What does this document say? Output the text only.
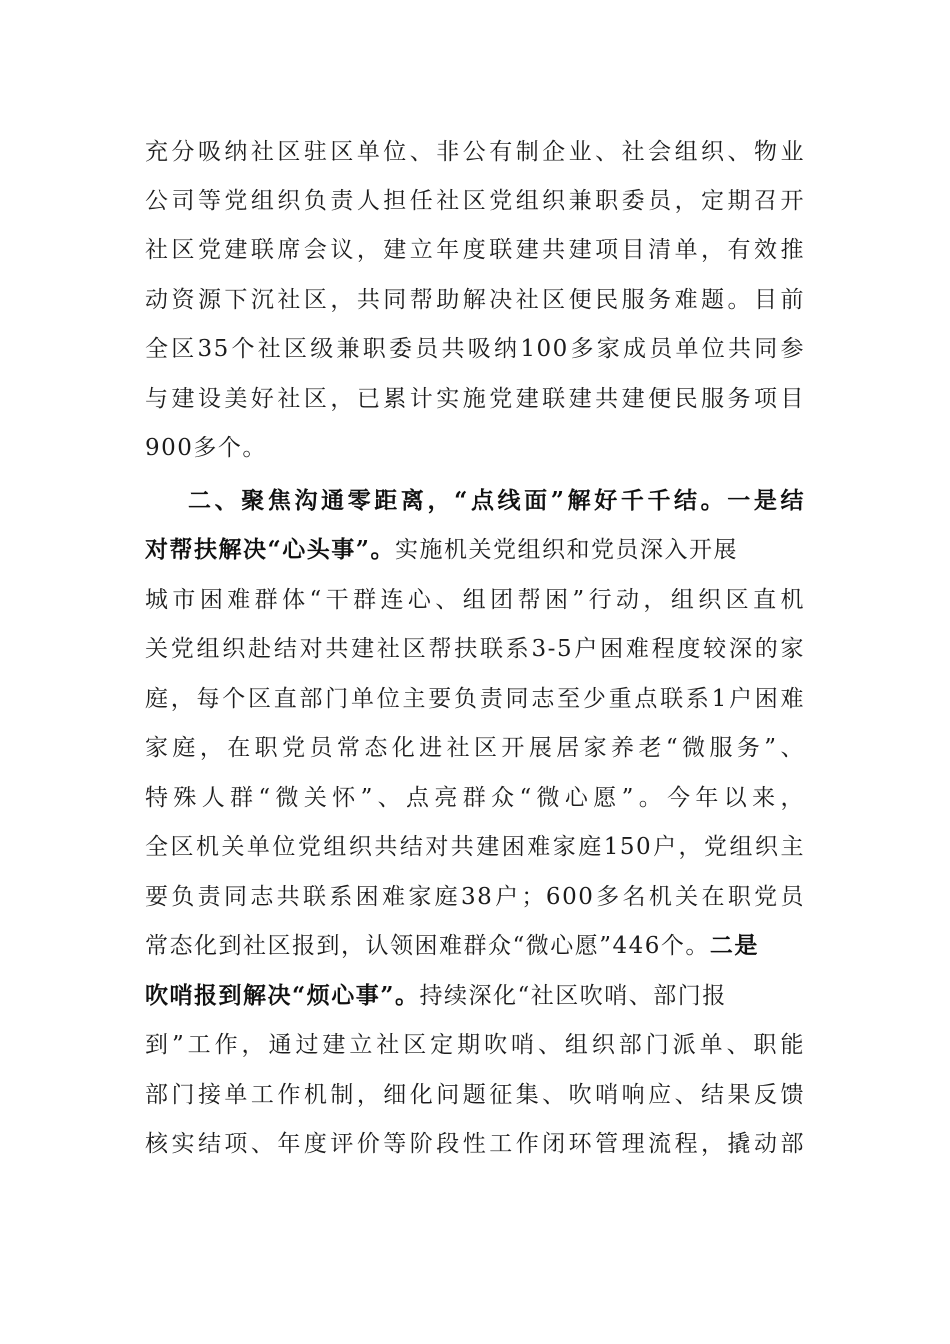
充分吸纳社区驻区单位、非公有制企业、社会组织、物业
公司等党组织负责人担任社区党组织兼职委员，定期召开
社区党建联席会议，建立年度联建共建项目清单，有效推
动资源下沉社区，共同帮助解决社区便民服务难题。目前
全区35个社区级兼职委员共吸纳100多家成员单位共同参
与建设美好社区，已累计实施党建联建共建便民服务项目
900多个。
二、聚焦沟通零距离，“点线面”解好千千结。一是结
对帮扶解决“心头事”。实施机关党组织和党员深入开展
城市困难群体“干群连心、组团帮困”行动，组织区直机
关党组织赴结对共建社区帮扶联系3-5户困难程度较深的家
庭，每个区直部门单位主要负责同志至少重点联系1户困难
家庭，在职党员常态化进社区开展居家养老“微服务”、
特殊人群“微关怀”、点亮群众“微心愿”。今年以来，
全区机关单位党组织共结对共建困难家庭150户，党组织主
要负责同志共联系困难家庭38户；600多名机关在职党员
常态化到社区报到，认领困难群众“微心愿”446个。二是
吹哨报到解决“烦心事”。持续深化“社区吹哨、部门报
到”工作，通过建立社区定期吹哨、组织部门派单、职能
部门接单工作机制，细化问题征集、吹哨响应、结果反馈
核实结项、年度评价等阶段性工作闭环管理流程，撬动部
